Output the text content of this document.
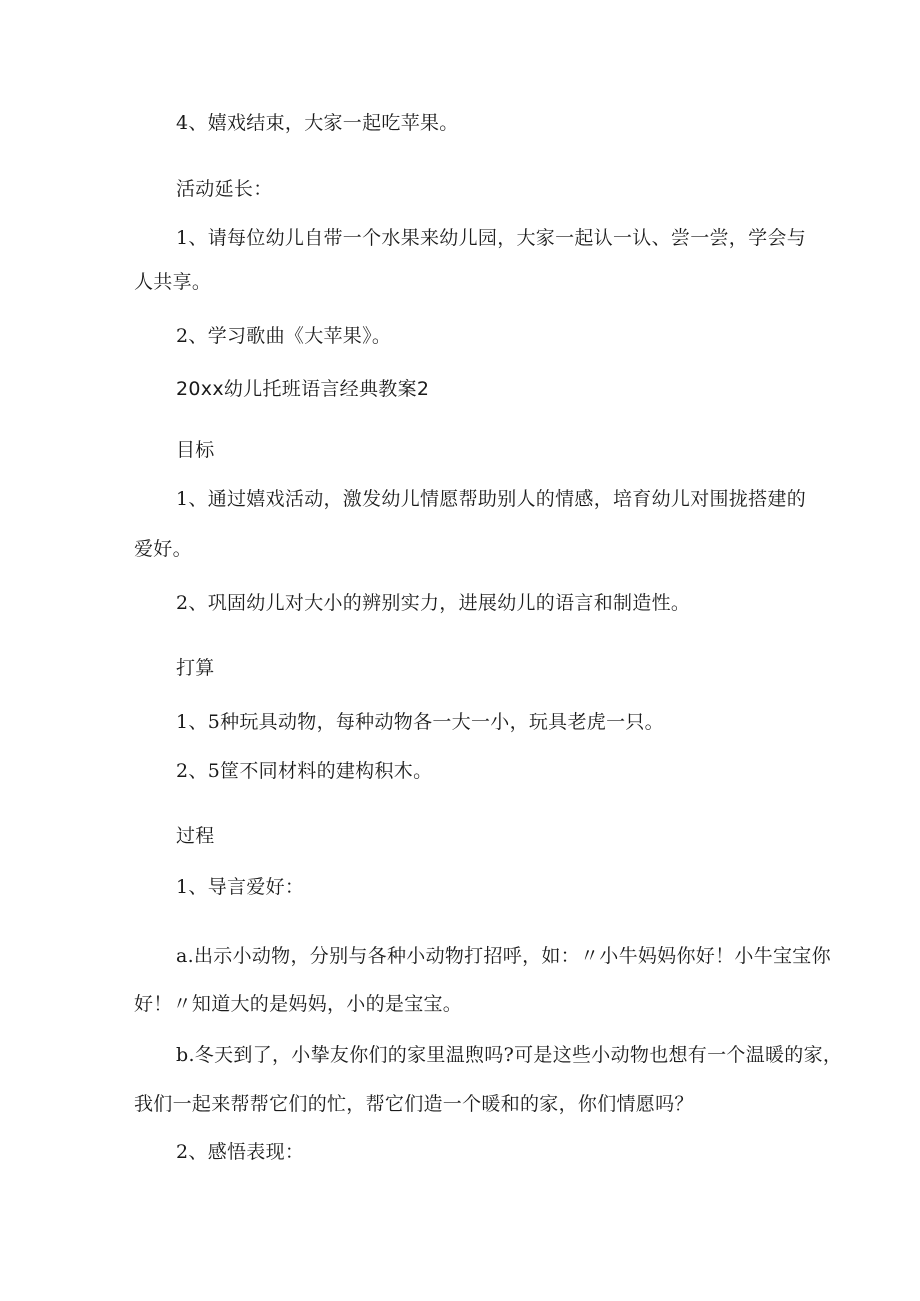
4、嬉戏结束，大家一起吃苹果。
活动延长：
1、请每位幼儿自带一个水果来幼儿园，大家一起认一认、尝一尝，学会与
人共享。
2、学习歌曲《大苹果》。
20xx幼儿托班语言经典教案2
目标
1、通过嬉戏活动，激发幼儿情愿帮助别人的情感，培育幼儿对围拢搭建的
爱好。
2、巩固幼儿对大小的辨别实力，进展幼儿的语言和制造性。
打算
1、5种玩具动物，每种动物各一大一小，玩具老虎一只。
2、5筐不同材料的建构积木。
过程
1、导言爱好：
a.出示小动物，分别与各种小动物打招呼，如：〃小牛妈妈你好！小牛宝宝你
好！〃知道大的是妈妈，小的是宝宝。
b.冬天到了，小挚友你们的家里温煦吗?可是这些小动物也想有一个温暖的家，
我们一起来帮帮它们的忙，帮它们造一个暖和的家，你们情愿吗？
2、感悟表现：
